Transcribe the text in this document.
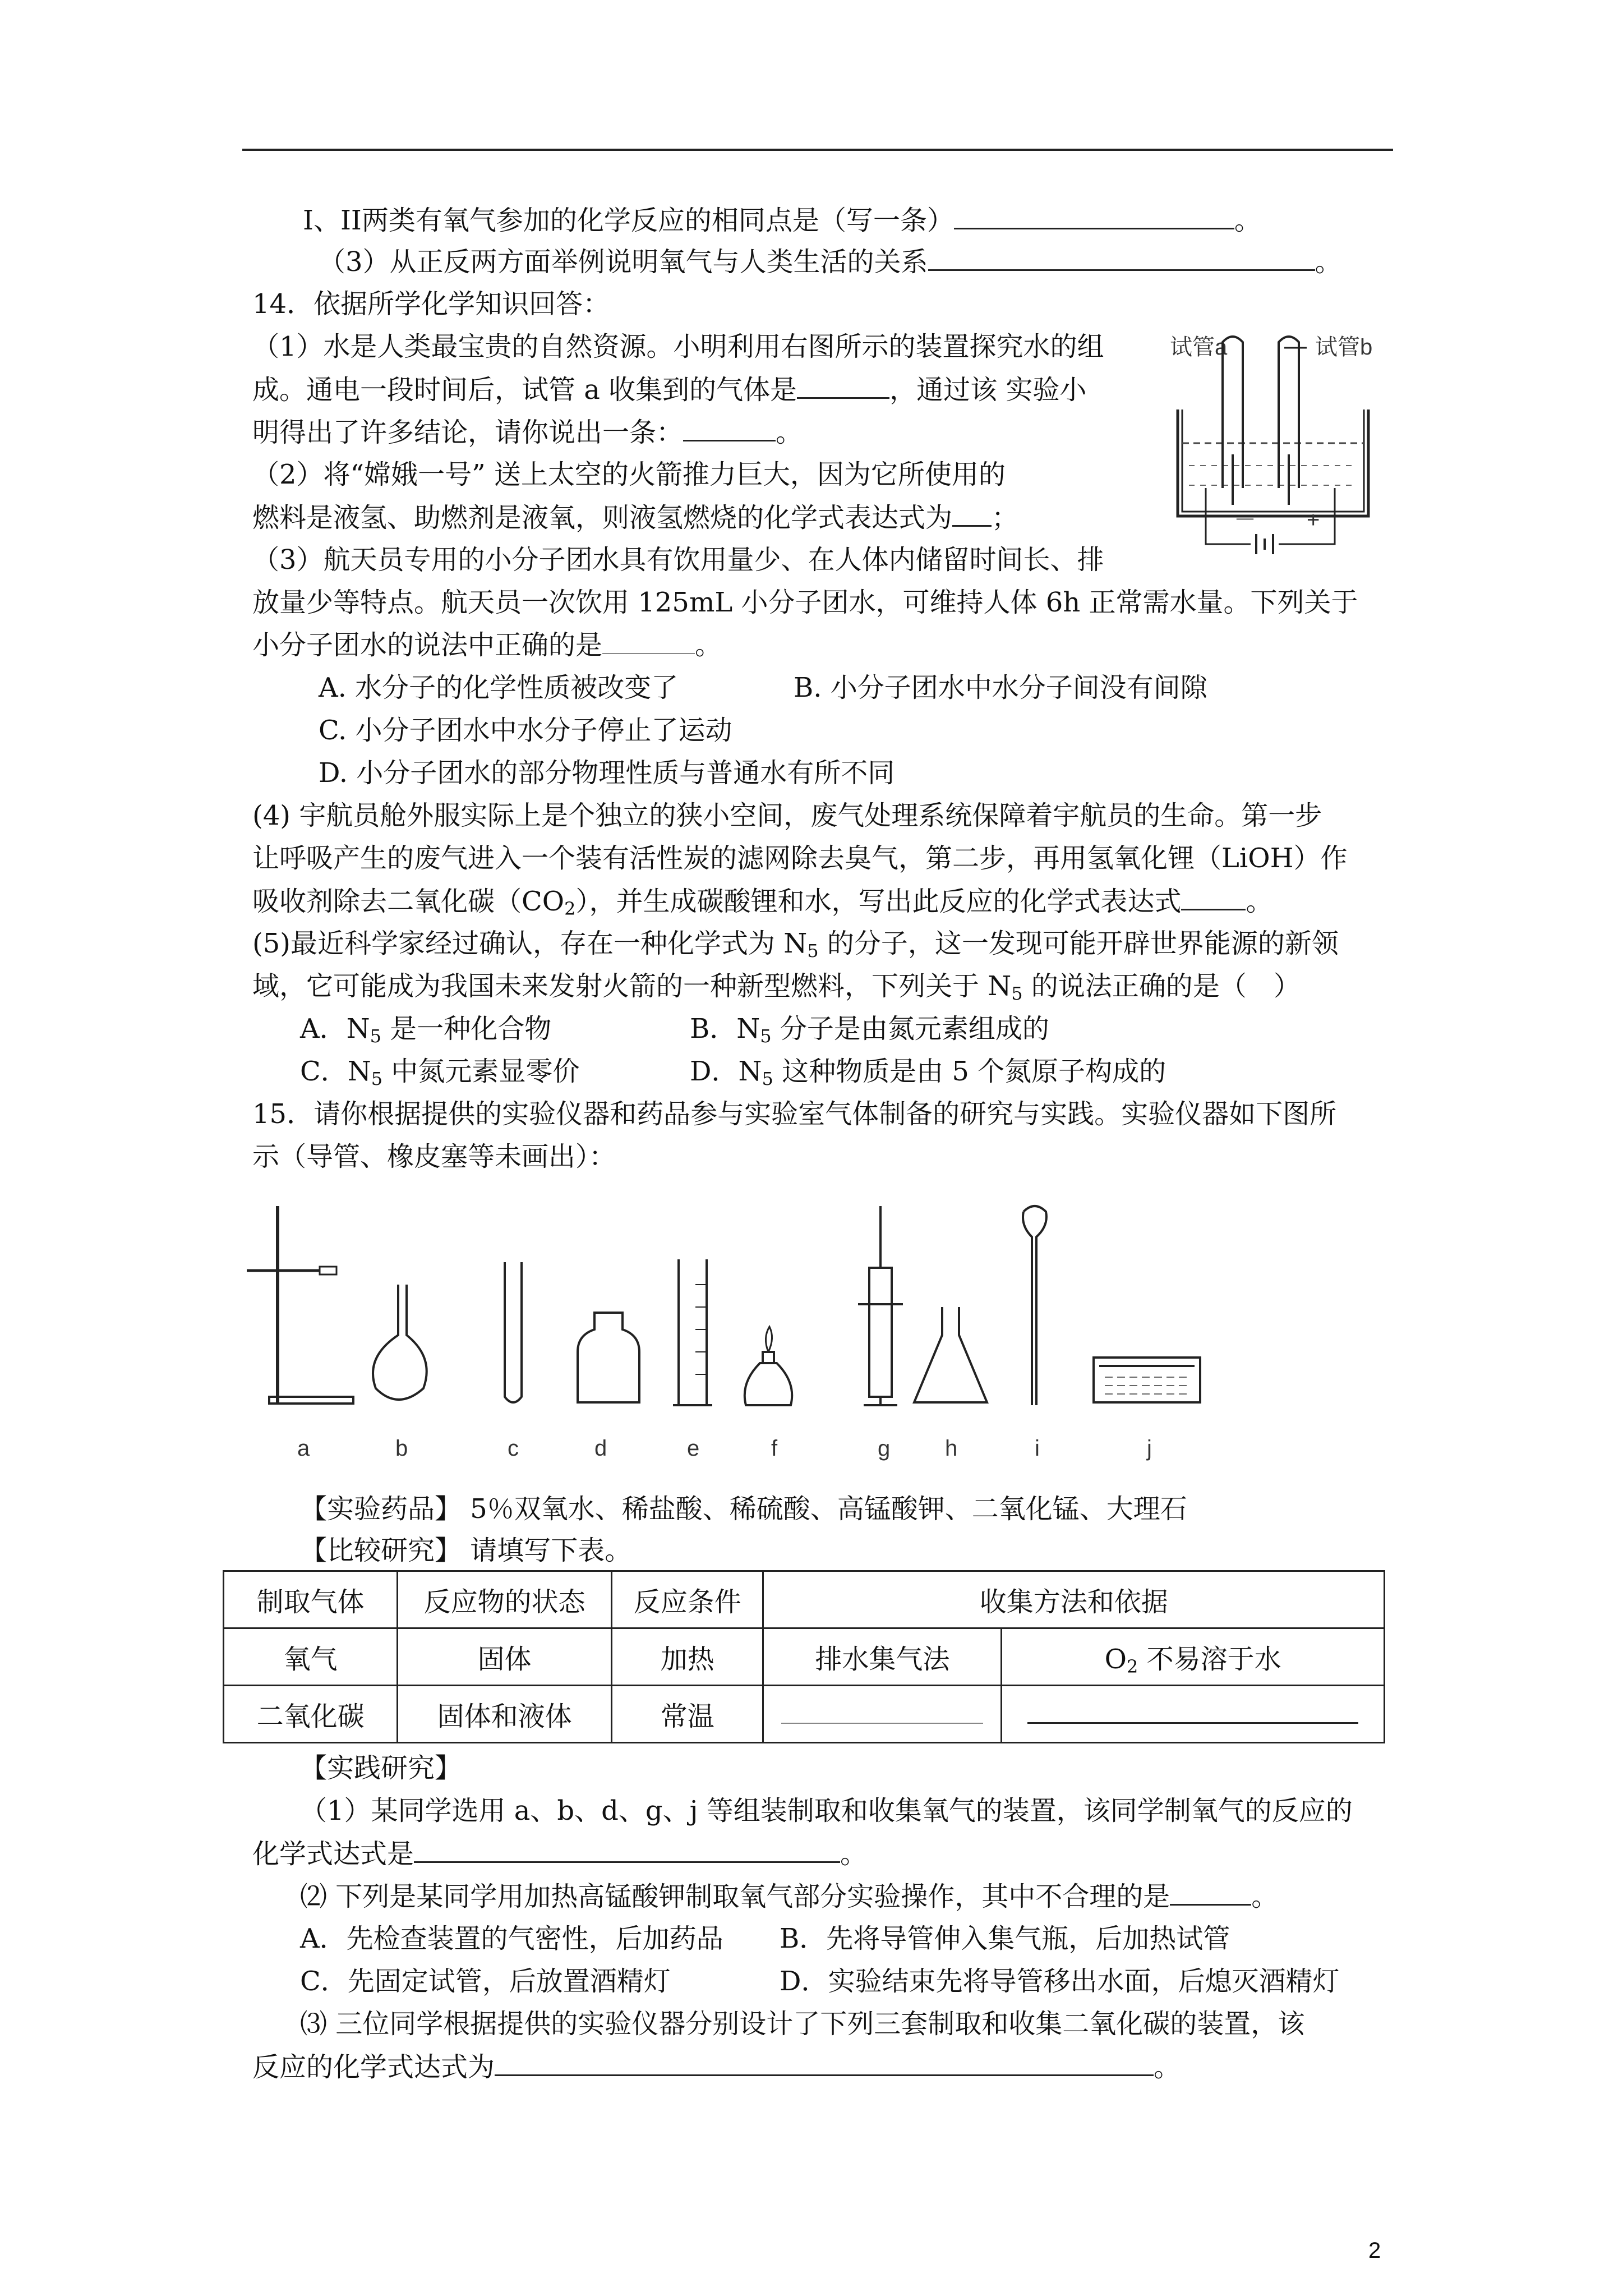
I、II两类有氧气参加的化学反应的相同点是（写一条）	。
（3）从正反两方面举例说明氧气与人类生活的关系	。
14．依据所学化学知识回答：
（1）水是人类最宝贵的自然资源。小明利用右图所示的装置探究水的组
成。通电一段时间后，试管 a 收集到的气体是	，通过该 实验小
明得出了许多结论，请你说出一条：	。
（2）将“嫦娥一号” 送上太空的火箭推力巨大，因为它所使用的
燃料是液氢、助燃剂是液氧，则液氢燃烧的化学式表达式为 ；
（3）航天员专用的小分子团水具有饮用量少、在人体内储留时间长、排
放量少等特点。航天员一次饮用 125mL 小分子团水，可维持人体 6h 正常需水量。下列关于
小分子团水的说法中正确的是	。
A. 水分子的化学性质被改变了	B. 小分子团水中水分子间没有间隙
C. 小分子团水中水分子停止了运动
D. 小分子团水的部分物理性质与普通水有所不同
(4) 宇航员舱外服实际上是个独立的狭小空间，废气处理系统保障着宇航员的生命。第一步
让呼吸产生的废气进入一个装有活性炭的滤网除去臭气，第二步，再用氢氧化锂（LiOH）作
吸收剂除去二氧化碳$(CO_2)$，并生成碳酸锂和水，写出此反应的化学式表达式 。
(5)最近科学家经过确认，存在一种化学式为 $N_5$ 的分子，这一发现可能开辟世界能源的新领
域，它可能成为我国未来发射火箭的一种新型燃料，下列关于 $N_5$ 的说法正确的是（　）
A．$N_5$ 是一种化合物	B．$N_5$ 分子是由氮元素组成的
C．$N_5$ 中氮元素显零价	D．$N_5$ 这种物质是由 5 个氮原子构成的
试管a	试管b
－ +
15．请你根据提供的实验仪器和药品参与实验室气体制备的研究与实践。实验仪器如下图所
示（导管、橡皮塞等未画出）：
a	b	c	d	e	f	g h	i	j
【实验药品】 5％双氧水、稀盐酸、稀硫酸、高锰酸钾、二氧化锰、大理石
【比较研究】 请填写下表。
制取气体	反应物的状态	反应条件	收集方法和依据	
氧气	固体	加热	排水集气法	$O_2$ 不易溶于水
二氧化碳	固体和液体	常温		
【实践研究】
（1）某同学选用 a、b、d、g、j 等组装制取和收集氧气的装置，该同学制氧气的反应的
化学式达式是	。
⑵ 下列是某同学用加热高锰酸钾制取氧气部分实验操作，其中不合理的是	。
A．先检查装置的气密性，后加药品 B．先将导管伸入集气瓶，后加热试管
C．先固定试管，后放置酒精灯	D．实验结束先将导管移出水面，后熄灭酒精灯
⑶ 三位同学根据提供的实验仪器分别设计了下列三套制取和收集二氧化碳的装置，该
反应的化学式达式为	。
2
